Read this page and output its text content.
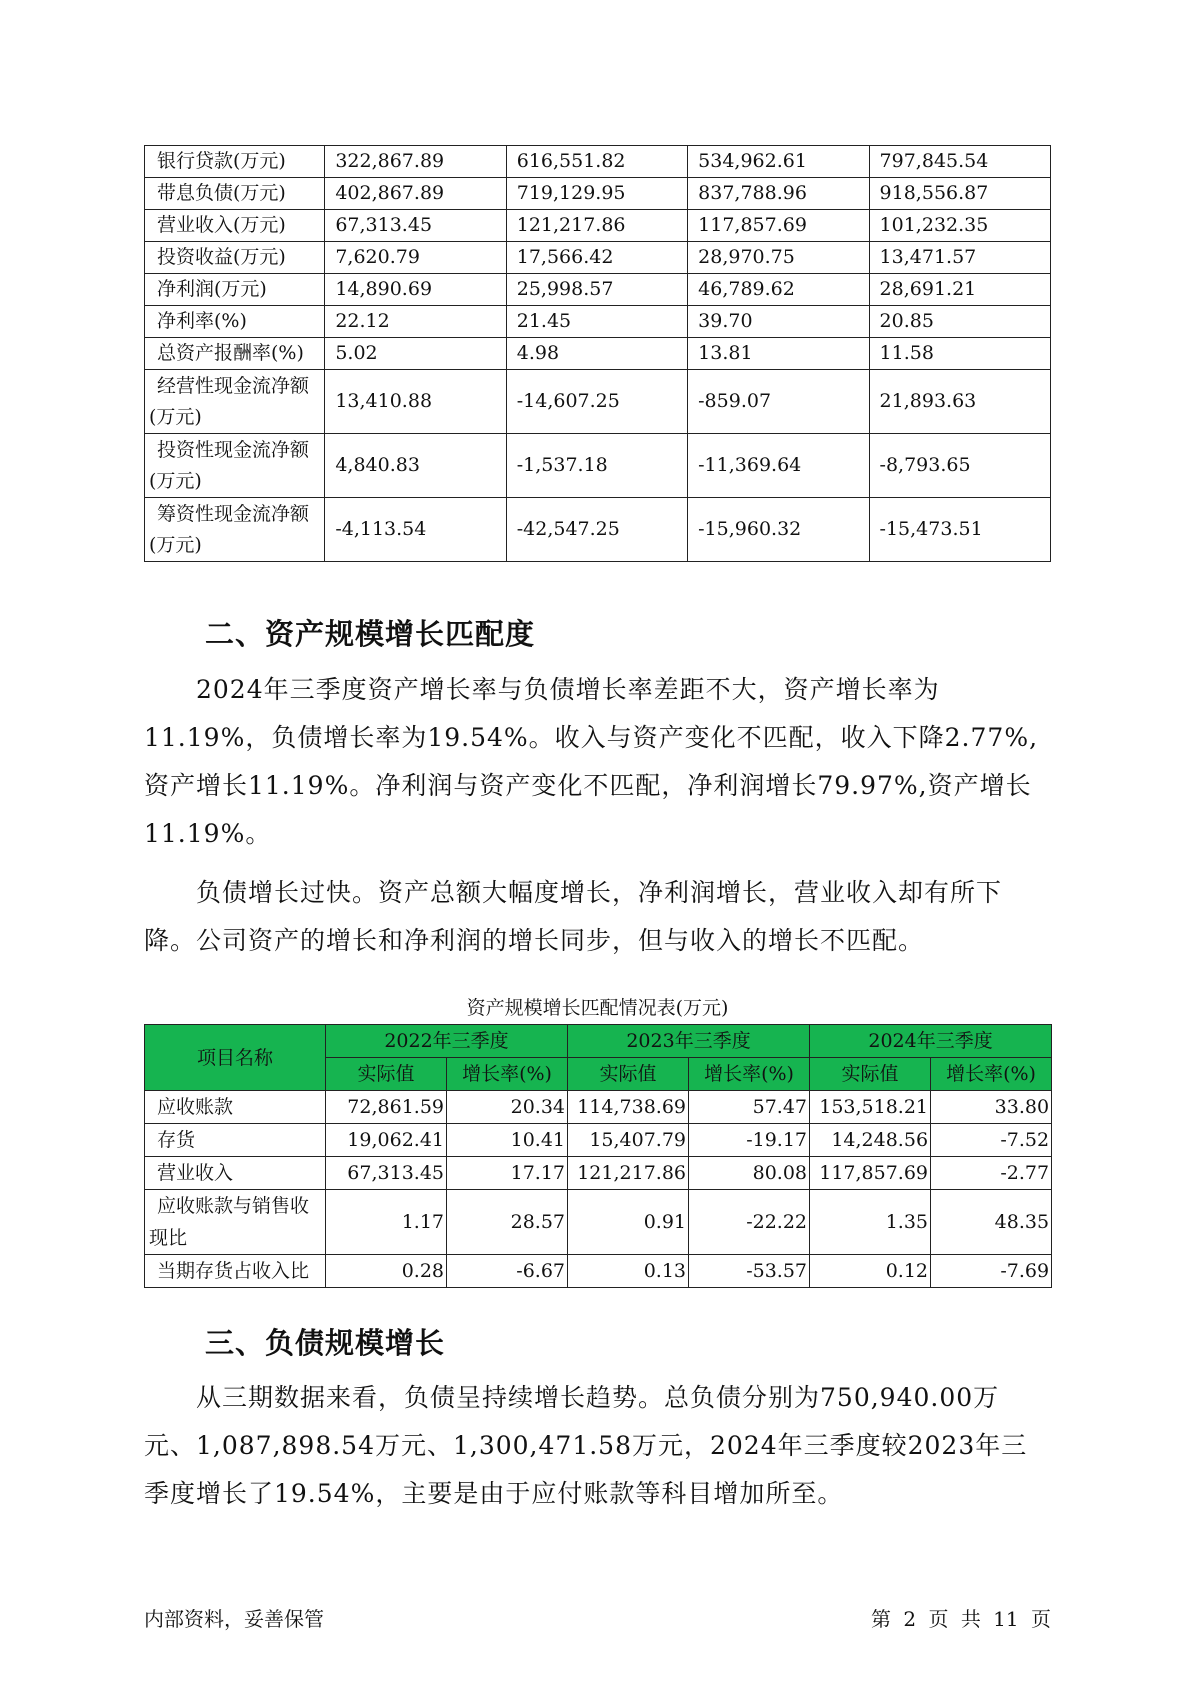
银行贷款(万元)	322,867.89	616,551.82	534,962.61	797,845.54
带息负债(万元)	402,867.89	719,129.95	837,788.96	918,556.87
营业收入(万元)	67,313.45	121,217.86	117,857.69	101,232.35
投资收益(万元)	7,620.79	17,566.42	28,970.75	13,471.57
净利润(万元)	14,890.69	25,998.57	46,789.62	28,691.21
净利率(%)	22.12	21.45	39.70	20.85
总资产报酬率(%)	5.02	4.98	13.81	11.58
经营性现金流净额(万元)	13,410.88	-14,607.25	-859.07	21,893.63
投资性现金流净额(万元)	4,840.83	-1,537.18	-11,369.64	-8,793.65
筹资性现金流净额(万元)	-4,113.54	-42,547.25	-15,960.32	-15,473.51
二、资产规模增长匹配度

2024年三季度资产增长率与负债增长率差距不大，资产增长率为11.19%，负债增长率为19.54%。收入与资产变化不匹配，收入下降2.77%,资产增长11.19%。净利润与资产变化不匹配，净利润增长79.97%,资产增长11.19%。

负债增长过快。资产总额大幅度增长，净利润增长，营业收入却有所下降。公司资产的增长和净利润的增长同步，但与收入的增长不匹配。

资产规模增长匹配情况表(万元)
项目名称	2022年三季度		2023年三季度		2024年三季度	
	实际值	增长率(%)	实际值	增长率(%)	实际值	增长率(%)
应收账款	72,861.59	20.34	114,738.69	57.47	153,518.21	33.80
存货	19,062.41	10.41	15,407.79	-19.17	14,248.56	-7.52
营业收入	67,313.45	17.17	121,217.86	80.08	117,857.69	-2.77
应收账款与销售收现比	1.17	28.57	0.91	-22.22	1.35	48.35
当期存货占收入比	0.28	-6.67	0.13	-53.57	0.12	-7.69
三、负债规模增长

从三期数据来看，负债呈持续增长趋势。总负债分别为750,940.00万元、1,087,898.54万元、1,300,471.58万元，2024年三季度较2023年三季度增长了19.54%，主要是由于应付账款等科目增加所至。

内部资料，妥善保管	第 2 页 共 11 页
